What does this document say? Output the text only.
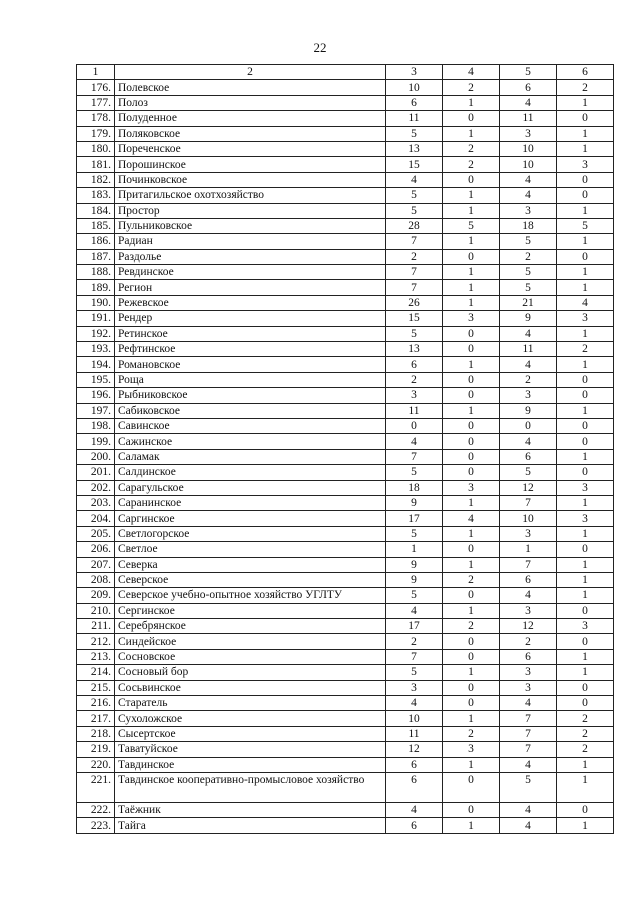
22
1	2	3	4	5	6
176.	Полевское	10	2	6	2
177.	Полоз	6	1	4	1
178.	Полуденное	11	0	11	0
179.	Поляковское	5	1	3	1
180.	Пореченское	13	2	10	1
181.	Порошинское	15	2	10	3
182.	Починковское	4	0	4	0
183.	Притагильское охотхозяйство	5	1	4	0
184.	Простор	5	1	3	1
185.	Пульниковское	28	5	18	5
186.	Радиан	7	1	5	1
187.	Раздолье	2	0	2	0
188.	Ревдинское	7	1	5	1
189.	Регион	7	1	5	1
190.	Режевское	26	1	21	4
191.	Рендер	15	3	9	3
192.	Ретинское	5	0	4	1
193.	Рефтинское	13	0	11	2
194.	Романовское	6	1	4	1
195.	Роща	2	0	2	0
196.	Рыбниковское	3	0	3	0
197.	Сабиковское	11	1	9	1
198.	Савинское	0	0	0	0
199.	Сажинское	4	0	4	0
200.	Саламак	7	0	6	1
201.	Салдинское	5	0	5	0
202.	Сарагульское	18	3	12	3
203.	Саранинское	9	1	7	1
204.	Саргинское	17	4	10	3
205.	Светлогорское	5	1	3	1
206.	Светлое	1	0	1	0
207.	Северка	9	1	7	1
208.	Северское	9	2	6	1
209.	Северское учебно-опытное хозяйство УГЛТУ	5	0	4	1
210.	Сергинское	4	1	3	0
211.	Серебрянское	17	2	12	3
212.	Синдейское	2	0	2	0
213.	Сосновское	7	0	6	1
214.	Сосновый бор	5	1	3	1
215.	Сосьвинское	3	0	3	0
216.	Старатель	4	0	4	0
217.	Сухоложское	10	1	7	2
218.	Сысертское	11	2	7	2
219.	Таватуйское	12	3	7	2
220.	Тавдинское	6	1	4	1
221.	Тавдинское кооперативно-промысловое хозяйство	6	0	5	1
222.	Таёжник	4	0	4	0
223.	Тайга	6	1	4	1
